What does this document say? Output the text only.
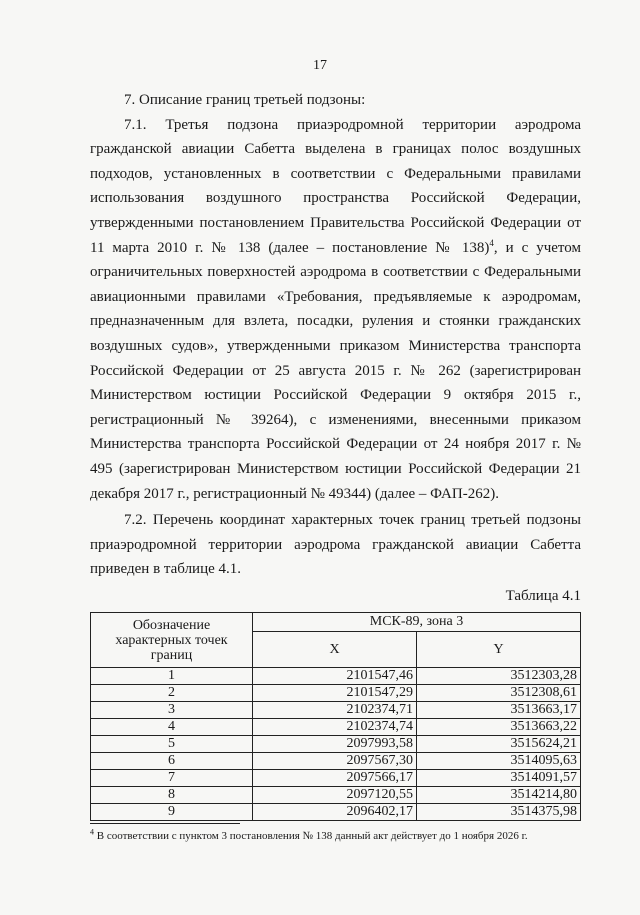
17

7. Описание границ третьей подзоны:

7.1. Третья подзона приаэродромной территории аэродрома гражданской авиации Сабетта выделена в границах полос воздушных подходов, установленных в соответствии с Федеральными правилами использования воздушного пространства Российской Федерации, утвержденными постановлением Правительства Российской Федерации от 11 марта 2010 г. № 138 (далее – постановление № 138)$^4$, и с учетом ограничительных поверхностей аэродрома в соответствии с Федеральными авиационными правилами «Требования, предъявляемые к аэродромам, предназначенным для взлета, посадки, руления и стоянки гражданских воздушных судов», утвержденными приказом Министерства транспорта Российской Федерации от 25 августа 2015 г. № 262 (зарегистрирован Министерством юстиции Российской Федерации 9 октября 2015 г., регистрационный № 39264), с изменениями, внесенными приказом Министерства транспорта Российской Федерации от 24 ноября 2017 г. № 495 (зарегистрирован Министерством юстиции Российской Федерации 21 декабря 2017 г., регистрационный № 49344) (далее – ФАП-262).

7.2. Перечень координат характерных точек границ третьей подзоны приаэродромной территории аэродрома гражданской авиации Сабетта приведен в таблице 4.1.

Таблица 4.1

Обозначение характерных точек границ	МСК-89, зона 3	
	X	Y
1	2101547,46	3512303,28
2	2101547,29	3512308,61
3	2102374,71	3513663,17
4	2102374,74	3513663,22
5	2097993,58	3515624,21
6	2097567,30	3514095,63
7	2097566,17	3514091,57
8	2097120,55	3514214,80
9	2096402,17	3514375,98
$^4$ В соответствии с пунктом 3 постановления № 138 данный акт действует до 1 ноября 2026 г.
